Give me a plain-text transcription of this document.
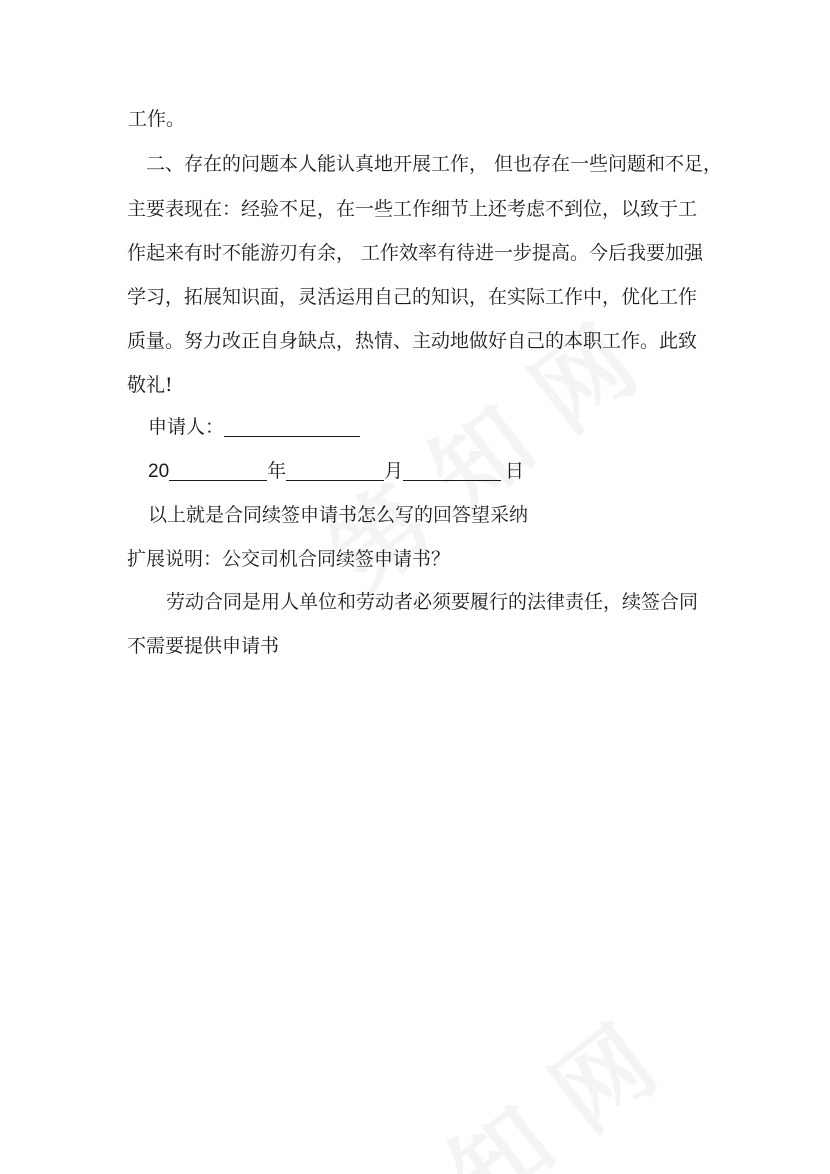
工作。
二、存在的问题本人能认真地开展工作， 但也存在一些问题和不足，
主要表现在：经验不足，在一些工作细节上还考虑不到位，以致于工
作起来有时不能游刃有余， 工作效率有待进一步提高。今后我要加强
学习，拓展知识面，灵活运用自己的知识，在实际工作中，优化工作
质量。努力改正自身缺点，热情、主动地做好自己的本职工作。此致
敬礼!
申请人：
20	年	月 	日
以上就是合同续签申请书怎么写的回答望采纳
扩展说明：公交司机合同续签申请书？
劳动合同是用人单位和劳动者必须要履行的法律责任，续签合同
不需要提供申请书
